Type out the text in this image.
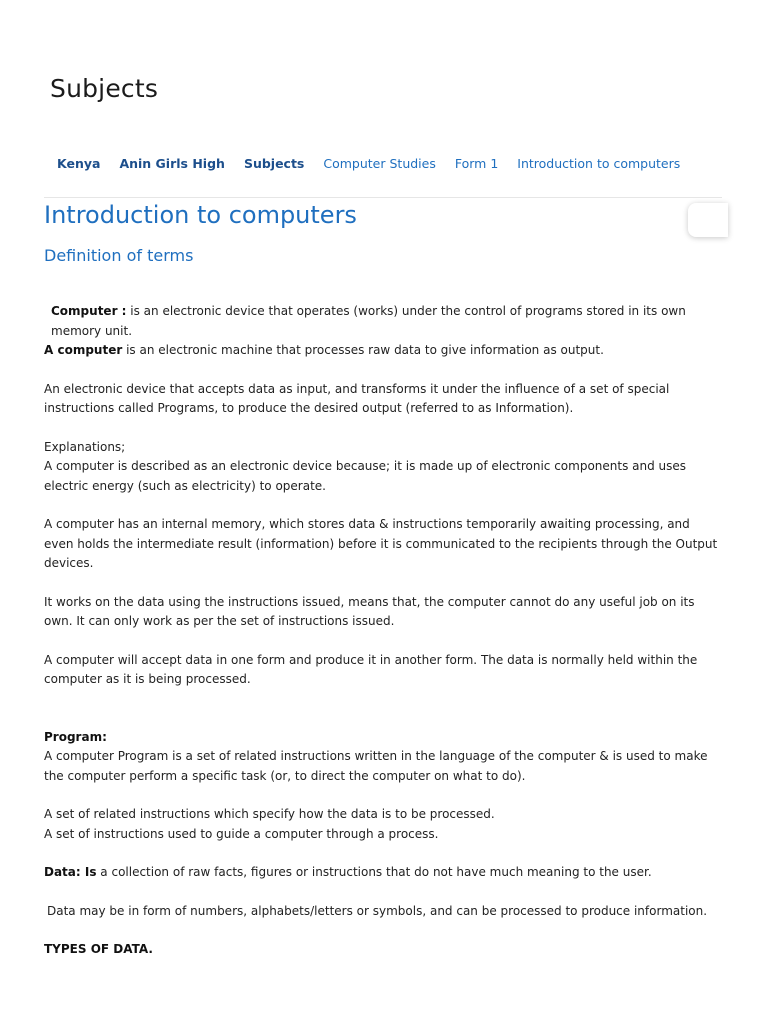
Subjects
Kenya Anin Girls High Subjects Computer Studies Form 1 Introduction to computers
Introduction to computers
Definition of terms

Computer : is an electronic device that operates (works) under the control of programs stored in its own memory unit.

A computer is an electronic machine that processes raw data to give information as output.

An electronic device that accepts data as input, and transforms it under the influence of a set of special instructions called Programs, to produce the desired output (referred to as Information).

Explanations;

A computer is described as an electronic device because; it is made up of electronic components and uses electric energy (such as electricity) to operate.

A computer has an internal memory, which stores data & instructions temporarily awaiting processing, and even holds the intermediate result (information) before it is communicated to the recipients through the Output devices.

It works on the data using the instructions issued, means that, the computer cannot do any useful job on its own. It can only work as per the set of instructions issued.

A computer will accept data in one form and produce it in another form. The data is normally held within the computer as it is being processed.

Program:

A computer Program is a set of related instructions written in the language of the computer & is used to make the computer perform a specific task (or, to direct the computer on what to do).

A set of related instructions which specify how the data is to be processed.

A set of instructions used to guide a computer through a process.

Data: Is a collection of raw facts, figures or instructions that do not have much meaning to the user.

Data may be in form of numbers, alphabets/letters or symbols, and can be processed to produce information.

TYPES OF DATA.
